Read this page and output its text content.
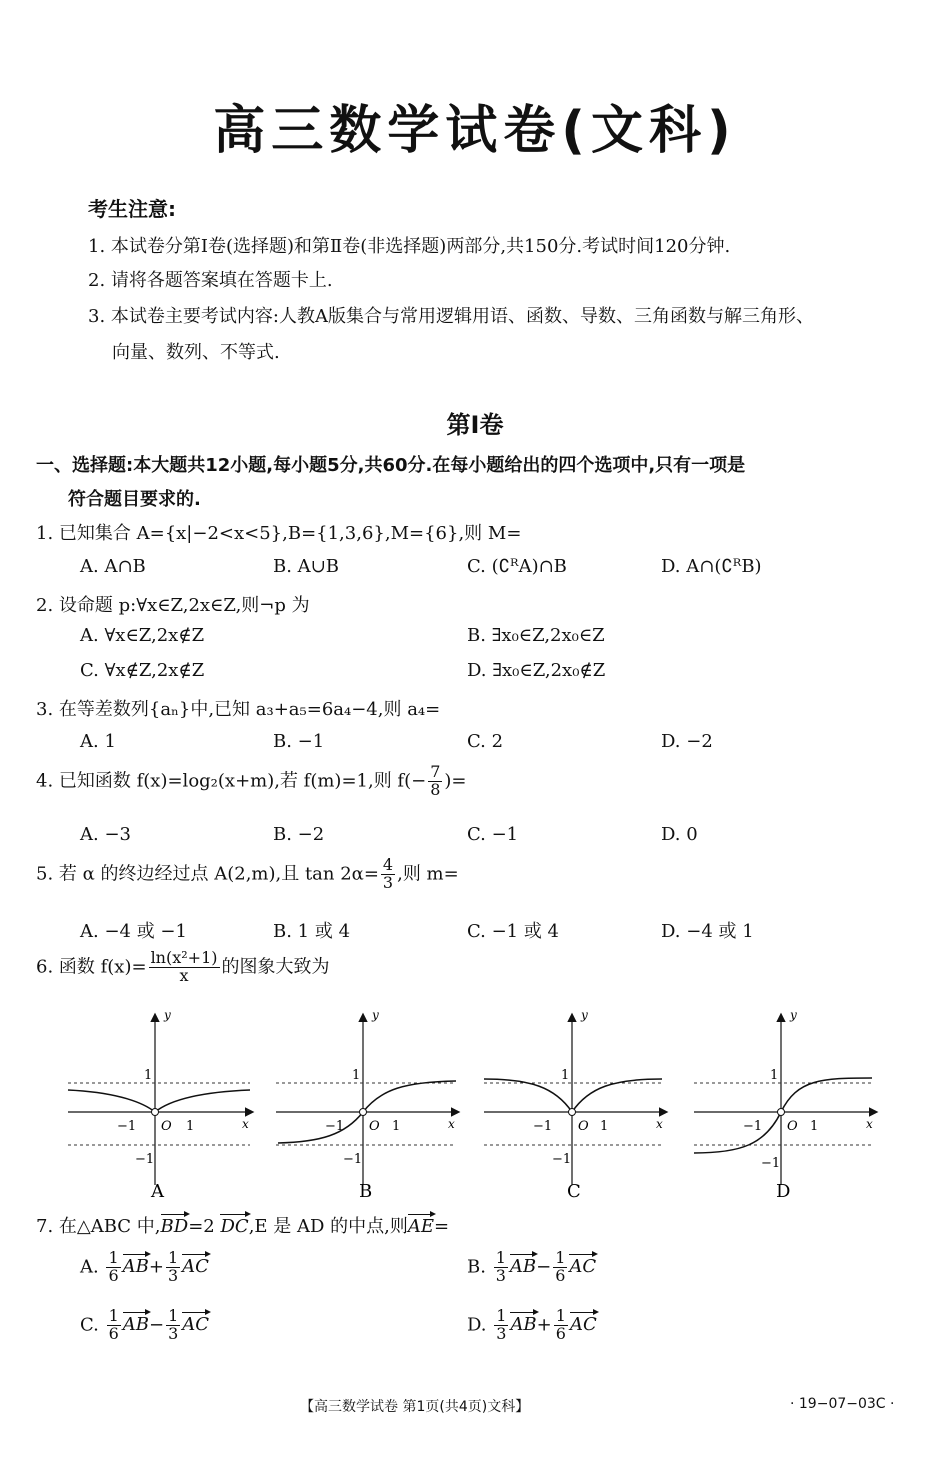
高三数学试卷(文科)
考生注意:
1. 本试卷分第Ⅰ卷(选择题)和第Ⅱ卷(非选择题)两部分,共150分.考试时间120分钟.
2. 请将各题答案填在答题卡上.
3. 本试卷主要考试内容:人教A版集合与常用逻辑用语、函数、导数、三角函数与解三角形、
向量、数列、不等式.
第Ⅰ卷
一、选择题:本大题共12小题,每小题5分,共60分.在每小题给出的四个选项中,只有一项是
符合题目要求的.
1. 已知集合 A={x|−2<x<5},B={1,3,6},M={6},则 M=
A. A∩B	B. A∪B	C. (∁ᴿA)∩B	D. A∩(∁ᴿB)
2. 设命题 p:∀x∈Z,2x∈Z,则¬p 为
A. ∀x∈Z,2x∉Z	B. ∃x₀∈Z,2x₀∈Z
C. ∀x∉Z,2x∉Z	D. ∃x₀∈Z,2x₀∉Z
3. 在等差数列{aₙ}中,已知 a₃+a₅=6a₄−4,则 a₄=
A. 1	B. −1	C. 2	D. −2
4. 已知函数 f(x)=log₂(x+m),若 f(m)=1,则 $f(- \frac{7}{8}$ )=
A. −3	B. −2	C. −1	D. 0
5. 若 α 的终边经过点 A(2,m),且 $\tan 2\alpha= \frac{4}{3}$ ,则 m=
A. −4 或 −1	B. 1 或 4	C. −1 或 4	D. −4 或 1
6. 函数 $f(x)= \frac{\text{ln(x²+1)}}{x}$ 的图象大致为
y
x
O 1
−1
1
−1
A
y
x
O 1
−1
1
−1
B
y
x
O 1
−1
1
−1
C
y
x
O 1
−1
1
−1
D
7. 在△ABC 中,BD=2 DC,E 是 AD 的中点,则AE=
A. $\frac{1}{6} AB+ \frac{1}{3}$ AC	B. $\frac{1}{3} AB- \frac{1}{6}$ AC
C. $\frac{1}{6} AB- \frac{1}{3}$ AC	D. $\frac{1}{3} AB+ \frac{1}{6}$ AC
【高三数学试卷 第1页(共4页)文科】	· 19−07−03C ·
